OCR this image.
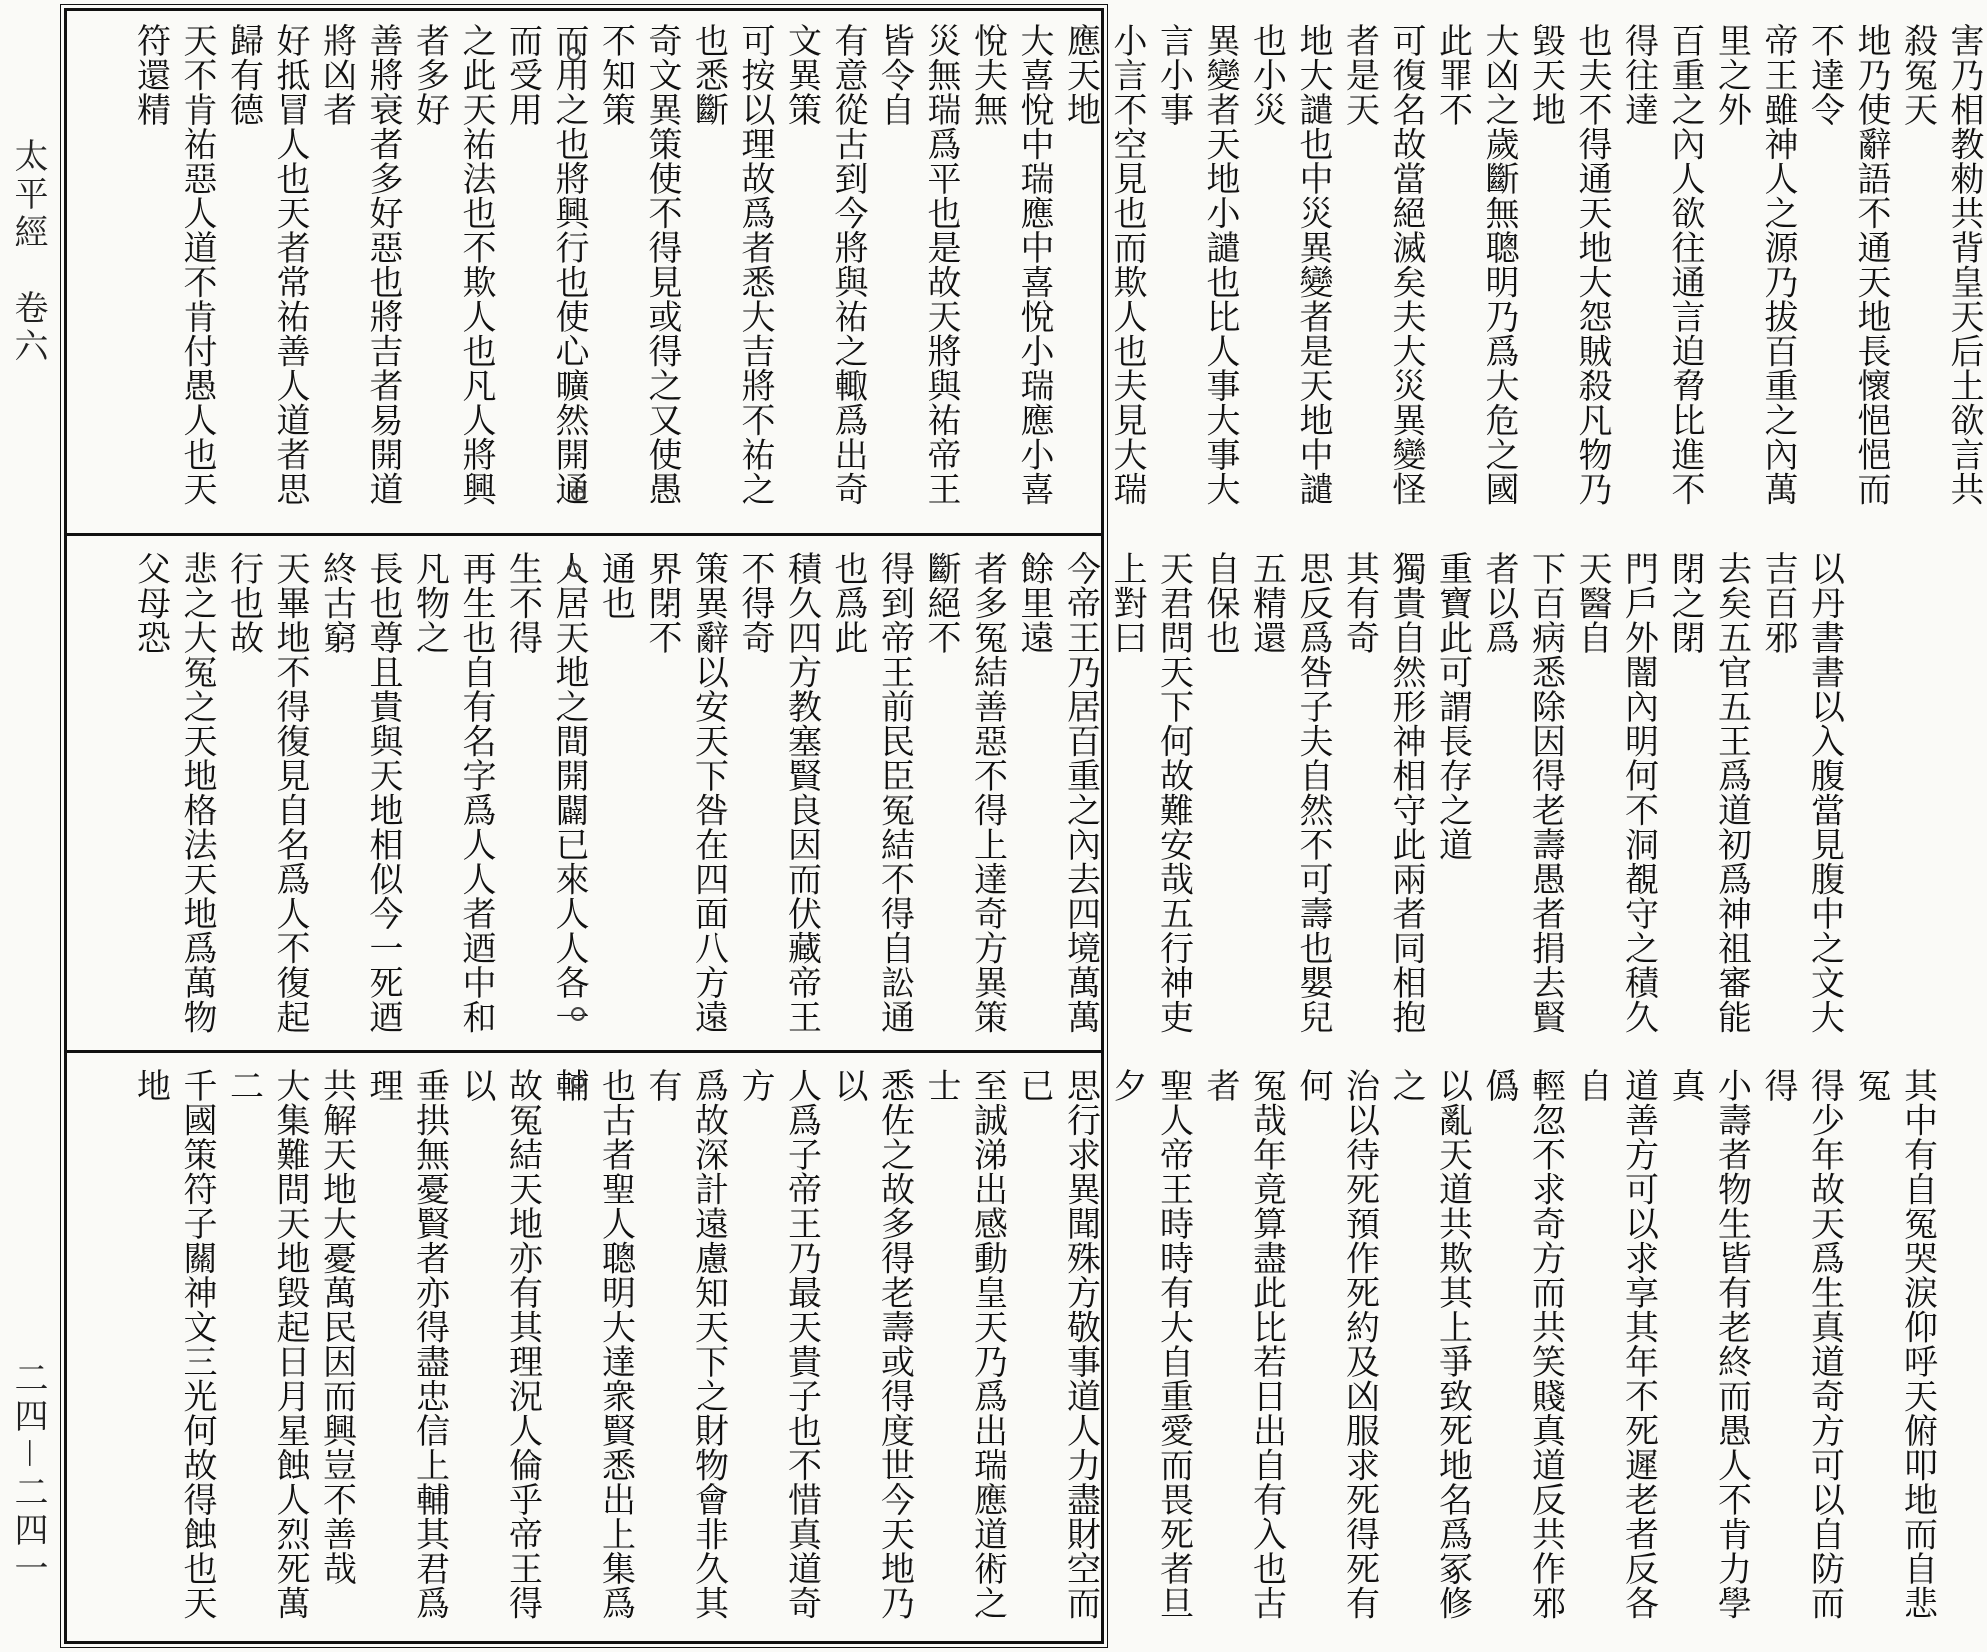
太平經　卷六
二四－二四一
害乃相教勑共背皇天后土欲言共殺冤天
地乃使辭語不通天地長懷悒悒而不達令
帝王雖神人之源乃拔百重之內萬里之外
百重之內人欲往通言迫脅比進不得往達
也夫不得通天地大怨賊殺凡物乃毀天地
大凶之歲斷無聰明乃爲大危之國此罪不
可復名故當絕滅矣夫大災異變怪者是天
地大譴也中災異變者是天地中譴也小災
異變者天地小譴也比人事大事大言小事
小言不空見也而欺人也夫見大瑞應天地
大喜悅中瑞應中喜悅小瑞應小喜悅夫無
災無瑞爲平也是故天將與祐帝王皆令自
有意從古到今將與祐之輙爲出奇文異策
可按以理故爲者悉大吉將不祐之也悉斷
奇文異策使不得見或得之又使愚不知策
而用之也將興行也使心曠然開通而受用
之此天祐法也不欺人也凡人將興者多好
善將衰者多好惡也將吉者易開道將凶者
好抵冒人也天者常祐善人道者思歸有德
天不肯祐惡人道不肯付愚人也天符還精
以丹書書以入腹當見腹中之文大吉百邪
去矣五官五王爲道初爲神祖審能閉之閉
門戶外闇內明何不洞覩守之積久天醫自
下百病悉除因得老壽愚者捐去賢者以爲
重寶此可謂長存之道
獨貴自然形神相守此兩者同相抱其有奇
思反爲咎子夫自然不可壽也嬰兒五精還
自保也
天君問天下何故難安哉五行神吏上對曰
今帝王乃居百重之內去四境萬萬餘里遠
者多冤結善惡不得上達奇方異策斷絕不
得到帝王前民臣冤結不得自訟通也爲此
積久四方教塞賢良因而伏藏帝王不得奇
策異辭以安天下咎在四面八方遠界閉不
通也
人居天地之間開闢已來人人各一生不得
再生也自有名字爲人人者迺中和凡物之
長也尊且貴與天地相似今一死迺終古窮
天畢地不得復見自名爲人不復起行也故
悲之大冤之天地格法天地爲萬物父母恐
其中有自冤哭涙仰呼天俯叩地而自悲冤
得少年故天爲生真道奇方可以自防而得
小壽者物生皆有老終而愚人不肯力學真
道善方可以求享其年不死遲老者反各自
輕忽不求奇方而共笑賤真道反共作邪僞
以亂天道共欺其上爭致死地名爲冢修之
治以待死預作死約及凶服求死得死有何
冤哉年竟算盡此比若日出自有入也古者
聖人帝王時時有大自重愛而畏死者旦夕
思行求異聞殊方敬事道人力盡財空而已
至誠涕出感動皇天乃爲出瑞應道術之士
悉佐之故多得老壽或得度世今天地乃以
人爲子帝王乃最天貴子也不惜真道奇方
爲故深計遠慮知天下之財物會非久其有
也古者聖人聰明大達衆賢悉出上集爲輔
故冤結天地亦有其理況人倫乎帝王得以
垂拱無憂賢者亦得盡忠信上輔其君爲理
共解天地大憂萬民因而興豈不善哉
大集難問天地毀起日月星蝕人烈死萬二
千國策符子關神文三光何故得蝕也天地
